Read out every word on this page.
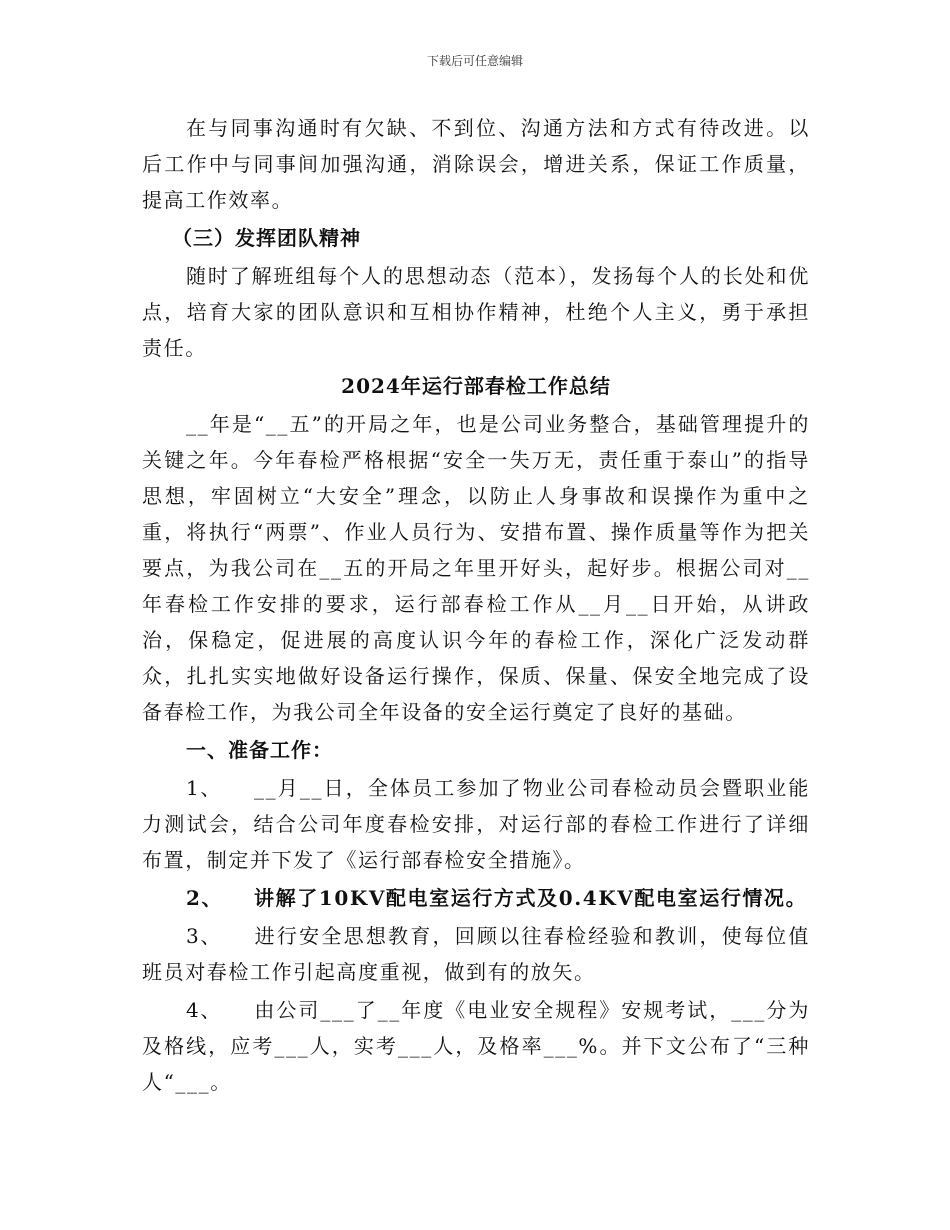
下载后可任意编辑

在与同事沟通时有欠缺、不到位、沟通方法和方式有待改进。以后工作中与同事间加强沟通，消除误会，增进关系，保证工作质量，提高工作效率。

（三）发挥团队精神

随时了解班组每个人的思想动态（范本），发扬每个人的长处和优点，培育大家的团队意识和互相协作精神，杜绝个人主义，勇于承担责任。

2024年运行部春检工作总结

__年是“__五”的开局之年，也是公司业务整合，基础管理提升的关键之年。今年春检严格根据“安全一失万无，责任重于泰山”的指导思想，牢固树立“大安全”理念，以防止人身事故和误操作为重中之重，将执行“两票”、作业人员行为、安措布置、操作质量等作为把关要点，为我公司在__五的开局之年里开好头，起好步。根据公司对__年春检工作安排的要求，运行部春检工作从__月__日开始，从讲政治，保稳定，促进展的高度认识今年的春检工作，深化广泛发动群众，扎扎实实地做好设备运行操作，保质、保量、保安全地完成了设备春检工作，为我公司全年设备的安全运行奠定了良好的基础。

一、准备工作：

1、 __月__日，全体员工参加了物业公司春检动员会暨职业能力测试会，结合公司年度春检安排，对运行部的春检工作进行了详细布置，制定并下发了《运行部春检安全措施》。

2、 讲解了10KV配电室运行方式及0.4KV配电室运行情况。

3、 进行安全思想教育，回顾以往春检经验和教训，使每位值班员对春检工作引起高度重视，做到有的放矢。

4、 由公司___了__年度《电业安全规程》安规考试，___分为及格线，应考___人，实考___人，及格率___%。并下文公布了“三种人“___。
